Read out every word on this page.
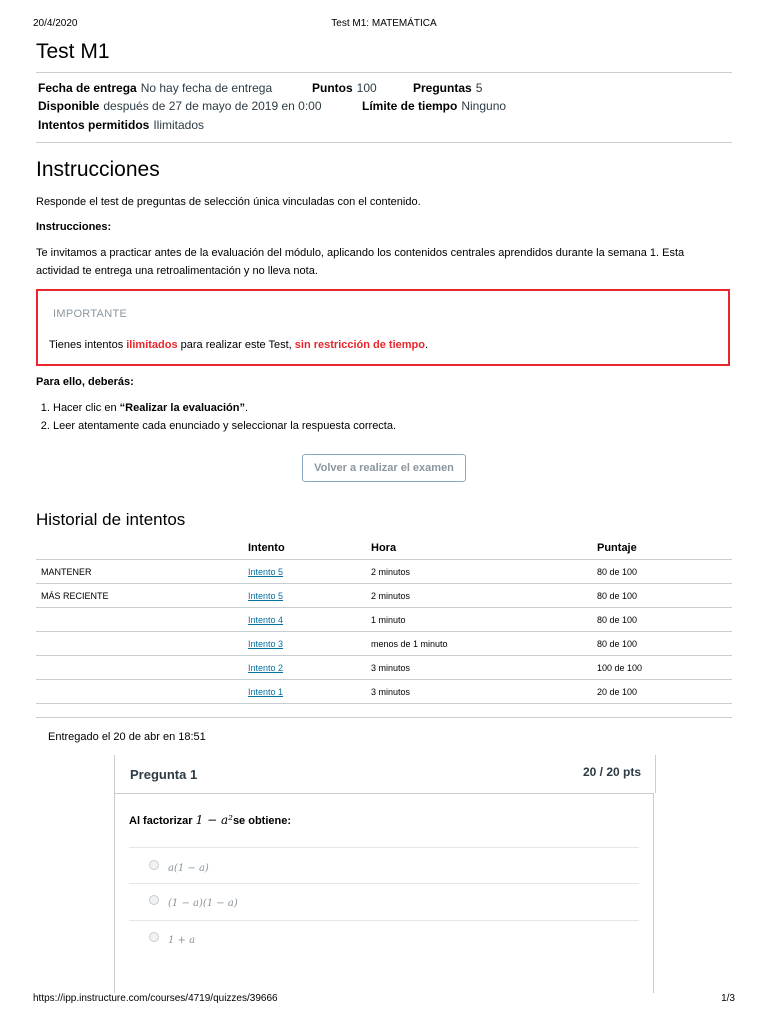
20/4/2020	Test M1: MATEMÁTICA
Test M1
Fecha de entrega No hay fecha de entrega	Puntos 100	Preguntas 5
Disponible después de 27 de mayo de 2019 en 0:00	Límite de tiempo Ninguno
Intentos permitidos Ilimitados
Instrucciones
Responde el test de preguntas de selección única vinculadas con el contenido.
Instrucciones:
Te invitamos a practicar antes de la evaluación del módulo, aplicando los contenidos centrales aprendidos durante la semana 1. Esta actividad te entrega una retroalimentación y no lleva nota.
IMPORTANTE
Tienes intentos ilimitados para realizar este Test, sin restricción de tiempo.
Para ello, deberás:
1. Hacer clic en “Realizar la evaluación”.
2. Leer atentamente cada enunciado y seleccionar la respuesta correcta.
Volver a realizar el examen
Historial de intentos
	Intento	Hora	Puntaje
MANTENER	Intento 5	2 minutos	80 de 100
MÁS RECIENTE	Intento 5	2 minutos	80 de 100
	Intento 4	1 minuto	80 de 100
	Intento 3	menos de 1 minuto	80 de 100
	Intento 2	3 minutos	100 de 100
	Intento 1	3 minutos	20 de 100
Entregado el 20 de abr en 18:51
Pregunta 1	20 / 20 pts
Al factorizar 1 − a²se obtiene:
a(1 − a)
(1 − a)(1 − a)
1 + a
https://ipp.instructure.com/courses/4719/quizzes/39666	1/3
